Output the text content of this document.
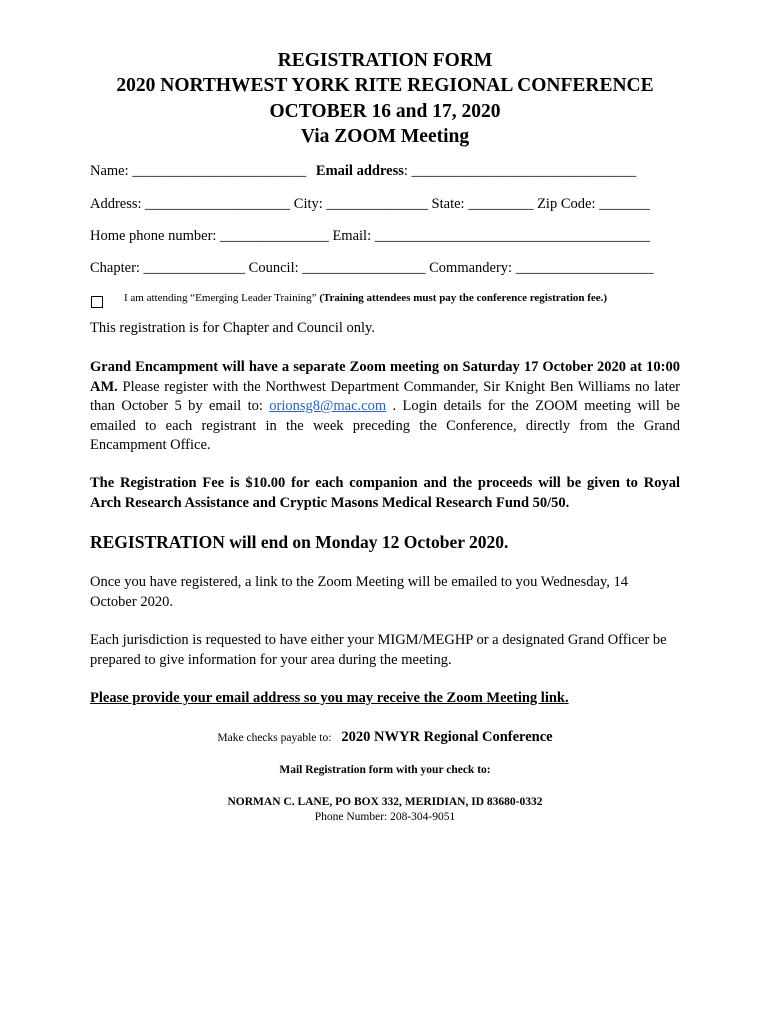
REGISTRATION FORM
2020 NORTHWEST YORK RITE REGIONAL CONFERENCE
OCTOBER 16 and 17, 2020
Via ZOOM Meeting
Name: ________________________ Email address: _______________________________
Address: ____________________ City: ______________ State: _________ Zip Code: _______
Home phone number: _______________ Email: ______________________________________
Chapter: ______________ Council: _________________ Commandery: ___________________
I am attending “Emerging Leader Training” (Training attendees must pay the conference registration fee.)
This registration is for Chapter and Council only.
Grand Encampment will have a separate Zoom meeting on Saturday 17 October 2020 at 10:00 AM. Please register with the Northwest Department Commander, Sir Knight Ben Williams no later than October 5 by email to: orionsg8@mac.com . Login details for the ZOOM meeting will be emailed to each registrant in the week preceding the Conference, directly from the Grand Encampment Office.
The Registration Fee is $10.00 for each companion and the proceeds will be given to Royal Arch Research Assistance and Cryptic Masons Medical Research Fund 50/50.
REGISTRATION will end on Monday 12 October 2020.
Once you have registered, a link to the Zoom Meeting will be emailed to you Wednesday, 14 October 2020.
Each jurisdiction is requested to have either your MIGM/MEGHP or a designated Grand Officer be prepared to give information for your area during the meeting.
Please provide your email address so you may receive the Zoom Meeting link.
Make checks payable to: 2020 NWYR Regional Conference
Mail Registration form with your check to:
NORMAN C. LANE, PO BOX 332, MERIDIAN, ID 83680-0332
Phone Number: 208-304-9051
